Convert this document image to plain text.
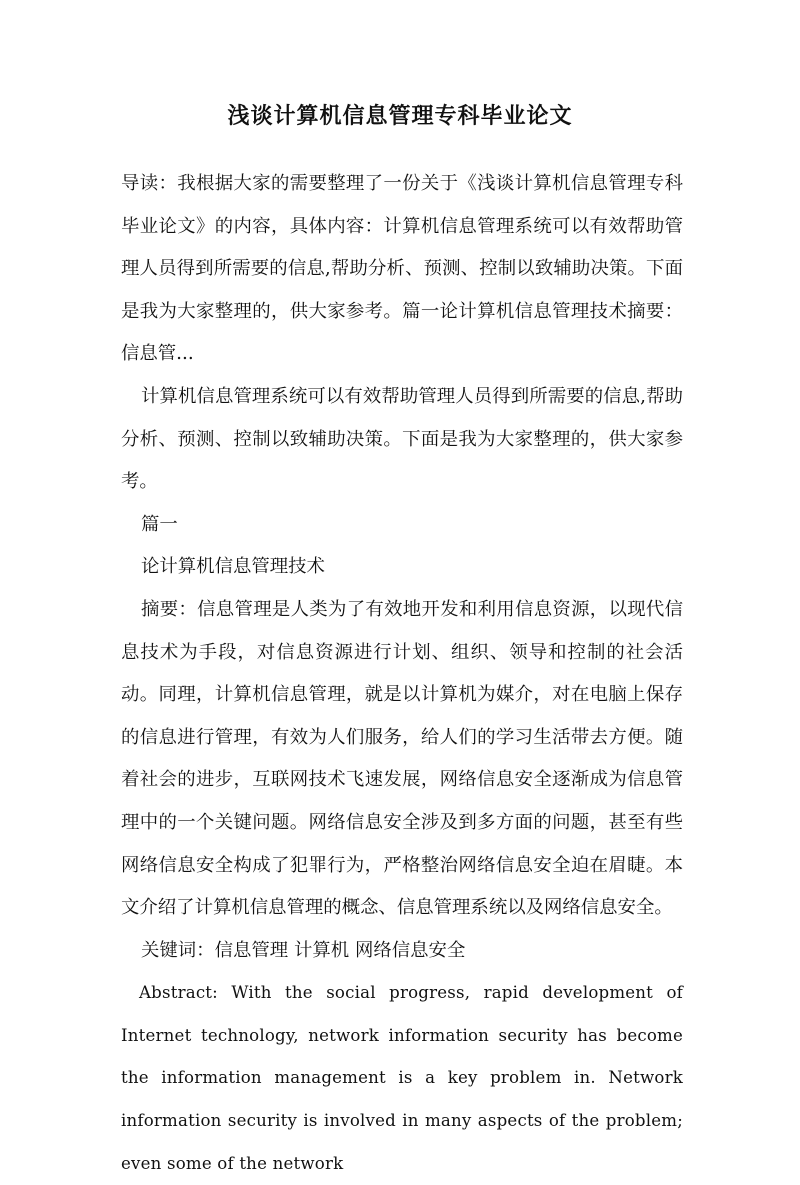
浅谈计算机信息管理专科毕业论文

导读：我根据大家的需要整理了一份关于《浅谈计算机信息管理专科毕业论文》的内容，具体内容：计算机信息管理系统可以有效帮助管理人员得到所需要的信息,帮助分析、预测、控制以致辅助决策。下面是我为大家整理的，供大家参考。篇一论计算机信息管理技术摘要：信息管...

计算机信息管理系统可以有效帮助管理人员得到所需要的信息,帮助分析、预测、控制以致辅助决策。下面是我为大家整理的，供大家参考。

篇一

论计算机信息管理技术

摘要：信息管理是人类为了有效地开发和利用信息资源，以现代信息技术为手段，对信息资源进行计划、组织、领导和控制的社会活动。同理，计算机信息管理，就是以计算机为媒介，对在电脑上保存的信息进行管理，有效为人们服务，给人们的学习生活带去方便。随着社会的进步，互联网技术飞速发展，网络信息安全逐渐成为信息管理中的一个关键问题。网络信息安全涉及到多方面的问题，甚至有些网络信息安全构成了犯罪行为，严格整治网络信息安全迫在眉睫。本文介绍了计算机信息管理的概念、信息管理系统以及网络信息安全。

关键词：信息管理 计算机 网络信息安全

Abstract: With the social progress, rapid development of Internet technology, network information security has become the information management is a key problem in. Network information security is involved in many aspects of the problem; even some of the network
